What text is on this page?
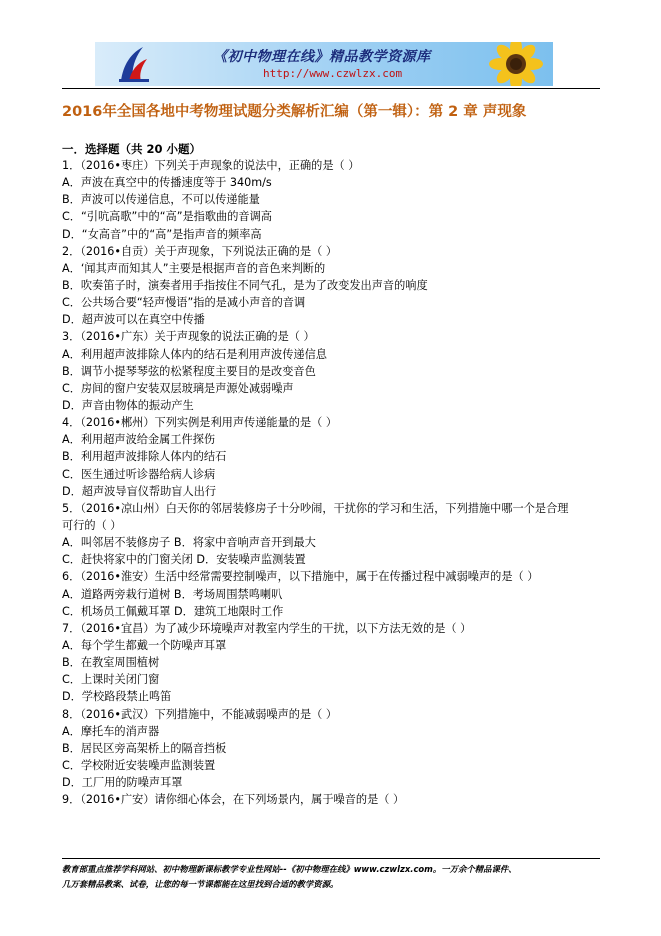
《初中物理在线》精品教学资源库
http://www.czwlzx.com
2016年全国各地中考物理试题分类解析汇编（第一辑）：第 2 章 声现象
一．选择题（共 20 小题）
1．（2016•枣庄）下列关于声现象的说法中，正确的是（ ）
A．声波在真空中的传播速度等于 340m/s
B．声波可以传递信息，不可以传递能量
C．“引吭高歌”中的“高”是指歌曲的音调高
D．“女高音”中的“高”是指声音的频率高
2．（2016•自贡）关于声现象，下列说法正确的是（ ）
A．‘闻其声而知其人”主要是根据声音的音色来判断的
B．吹奏笛子时，演奏者用手指按住不同气孔，是为了改变发出声音的响度
C．公共场合要“轻声慢语”指的是减小声音的音调
D．超声波可以在真空中传播
3．（2016•广东）关于声现象的说法正确的是（ ）
A．利用超声波排除人体内的结石是利用声波传递信息
B．调节小提琴琴弦的松紧程度主要目的是改变音色
C．房间的窗户安装双层玻璃是声源处减弱噪声
D．声音由物体的振动产生
4．（2016•郴州）下列实例是利用声传递能量的是（ ）
A．利用超声波给金属工件探伤
B．利用超声波排除人体内的结石
C．医生通过听诊器给病人诊病
D．超声波导盲仪帮助盲人出行
5．（2016•凉山州）白天你的邻居装修房子十分吵闹，干扰你的学习和生活，下列措施中哪一个是合理
可行的（ ）
A．叫邻居不装修房子 B．将家中音响声音开到最大
C．赶快将家中的门窗关闭 D．安装噪声监测装置
6．（2016•淮安）生活中经常需要控制噪声，以下措施中，属于在传播过程中减弱噪声的是（ ）
A．道路两旁栽行道树 B．考场周围禁鸣喇叭
C．机场员工佩戴耳罩 D．建筑工地限时工作
7．（2016•宜昌）为了减少环境噪声对教室内学生的干扰，以下方法无效的是（ ）
A．每个学生都戴一个防噪声耳罩
B．在教室周围植树
C．上课时关闭门窗
D．学校路段禁止鸣笛
8．（2016•武汉）下列措施中，不能减弱噪声的是（ ）
A．摩托车的消声器
B．居民区旁高架桥上的隔音挡板
C．学校附近安装噪声监测装置
D．工厂用的防噪声耳罩
9．（2016•广安）请你细心体会，在下列场景内，属于噪音的是（ ）
教育部重点推荐学科网站、初中物理新课标教学专业性网站--《初中物理在线》www.czwlzx.com。一万余个精品课件、
几万套精品教案、试卷，让您的每一节课都能在这里找到合适的教学资源。
